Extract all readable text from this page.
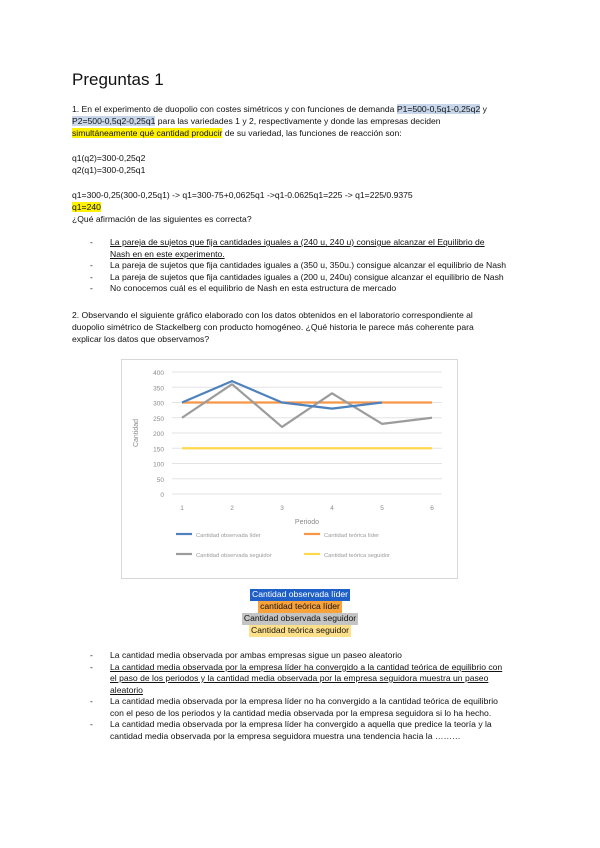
Preguntas 1
1. En el experimento de duopolio con costes simétricos y con funciones de demanda P1=500-0,5q1-0,25q2 y
P2=500-0,5q2-0,25q1 para las variedades 1 y 2, respectivamente y donde las empresas deciden
simultáneamente qué cantidad producir de su variedad, las funciones de reacción son:
q1(q2)=300-0,25q2
q2(q1)=300-0,25q1
q1=300-0,25(300-0,25q1) -> q1=300-75+0,0625q1 ->q1-0.0625q1=225 -> q1=225/0.9375
q1=240
¿Qué afirmación de las siguientes es correcta?
- La pareja de sujetos que fija cantidades iguales a (240 u, 240 u) consigue alcanzar el Equilibrio de
Nash en en este experimento.
- La pareja de sujetos que fija cantidades iguales a (350 u, 350u.) consigue alcanzar el equilibrio de Nash
- La pareja de sujetos que fija cantidades iguales a (200 u, 240u) consigue alcanzar el equilibrio de Nash
- No conocemos cuál es el equilibrio de Nash en esta estructura de mercado
2. Observando el siguiente gráfico elaborado con los datos obtenidos en el laboratorio correspondiente al
duopolio simétrico de Stackelberg con producto homogéneo. ¿Qué historia le parece más coherente para
explicar los datos que observamos?
0
50
100
150
200
250
300
350
400
1	2	3	4	5	6
Periodo
Cantidad
Cantidad observada líder	Cantidad teórica líder
Cantidad observada seguidor	Cantidad teórica seguidor
Cantidad observada líder
cantidad teórica líder
Cantidad observada seguidor
Cantidad teórica seguidor
- La cantidad media observada por ambas empresas sigue un paseo aleatorio
- La cantidad media observada por la empresa líder ha convergido a la cantidad teórica de equilibrio con
el paso de los periodos y la cantidad media observada por la empresa seguidora muestra un paseo
aleatorio
- La cantidad media observada por la empresa líder no ha convergido a la cantidad teórica de equilibrio
con el peso de los periodos y la cantidad media observada por la empresa seguidora si lo ha hecho.
- La cantidad media observada por la empresa líder ha convergido a aquella que predice la teoría y la
cantidad media observada por la empresa seguidora muestra una tendencia hacia la ………
